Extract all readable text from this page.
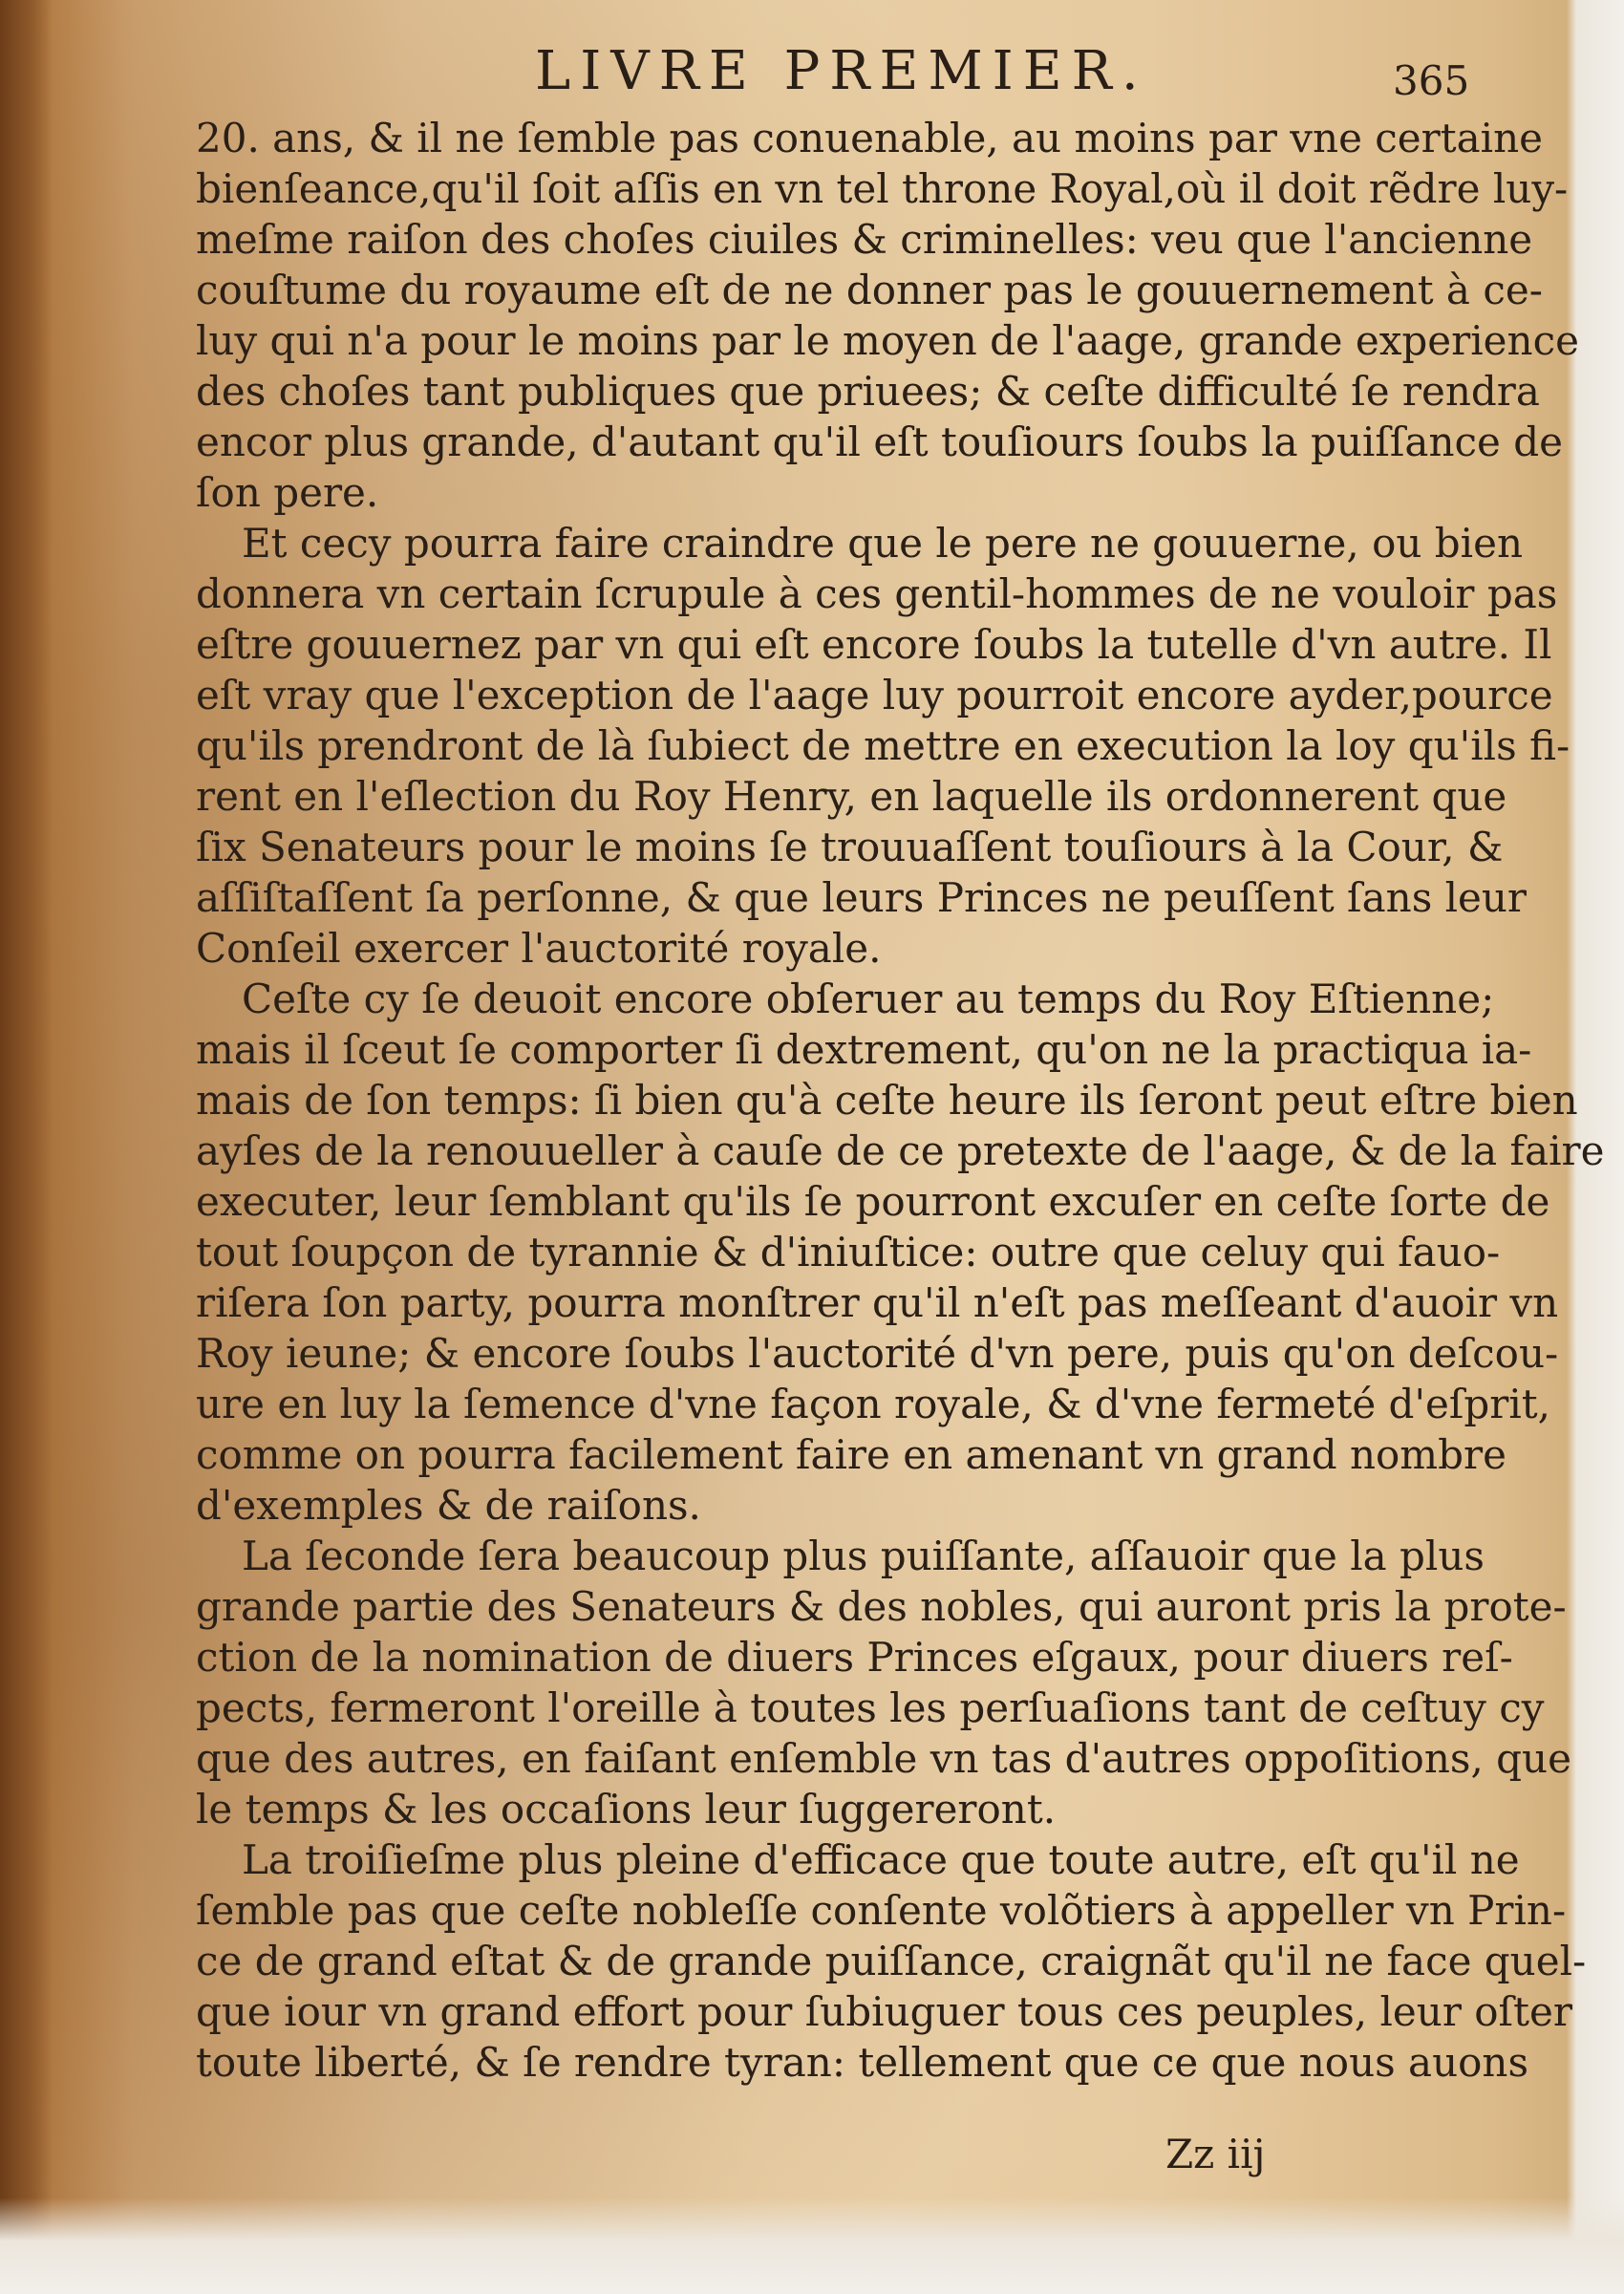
LIVRE PREMIER.	365
20. ans, & il ne ſemble pas conuenable, au moins par vne certaine
bienſeance,qu'il ſoit aſſis en vn tel throne Royal,où il doit rẽdre luy-
meſme raiſon des choſes ciuiles & criminelles: veu que l'ancienne
couſtume du royaume eſt de ne donner pas le gouuernement à ce-
luy qui n'a pour le moins par le moyen de l'aage, grande experience
des choſes tant publiques que priuees; & ceſte difficulté ſe rendra
encor plus grande, d'autant qu'il eſt touſiours ſoubs la puiſſance de
ſon pere.
Et cecy pourra faire craindre que le pere ne gouuerne, ou bien
donnera vn certain ſcrupule à ces gentil-hommes de ne vouloir pas
eſtre gouuernez par vn qui eſt encore ſoubs la tutelle d'vn autre. Il
eſt vray que l'exception de l'aage luy pourroit encore ayder,pource
qu'ils prendront de là ſubiect de mettre en execution la loy qu'ils fi-
rent en l'eſlection du Roy Henry, en laquelle ils ordonnerent que
ſix Senateurs pour le moins ſe trouuaſſent touſiours à la Cour, &
aſſiſtaſſent ſa perſonne, & que leurs Princes ne peuſſent ſans leur
Conſeil exercer l'auctorité royale.
Ceſte cy ſe deuoit encore obſeruer au temps du Roy Eſtienne;
mais il ſceut ſe comporter ſi dextrement, qu'on ne la practiqua ia-
mais de ſon temps: ſi bien qu'à ceſte heure ils ſeront peut eſtre bien
ayſes de la renouueller à cauſe de ce pretexte de l'aage, & de la faire
executer, leur ſemblant qu'ils ſe pourront excuſer en ceſte ſorte de
tout ſoupçon de tyrannie & d'iniuſtice: outre que celuy qui fauo-
riſera ſon party, pourra monſtrer qu'il n'eſt pas meſſeant d'auoir vn
Roy ieune; & encore ſoubs l'auctorité d'vn pere, puis qu'on deſcou-
ure en luy la ſemence d'vne façon royale, & d'vne fermeté d'eſprit,
comme on pourra facilement faire en amenant vn grand nombre
d'exemples & de raiſons.
La ſeconde ſera beaucoup plus puiſſante, aſſauoir que la plus
grande partie des Senateurs & des nobles, qui auront pris la prote-
ction de la nomination de diuers Princes eſgaux, pour diuers reſ-
pects, fermeront l'oreille à toutes les perſuaſions tant de ceſtuy cy
que des autres, en faiſant enſemble vn tas d'autres oppoſitions, que
le temps & les occaſions leur ſuggereront.
La troiſieſme plus pleine d'efficace que toute autre, eſt qu'il ne
ſemble pas que ceſte nobleſſe conſente volõtiers à appeller vn Prin-
ce de grand eſtat & de grande puiſſance, craignãt qu'il ne face quel-
que iour vn grand effort pour ſubiuguer tous ces peuples, leur oſter
toute liberté, & ſe rendre tyran: tellement que ce que nous auons
Zz iij
